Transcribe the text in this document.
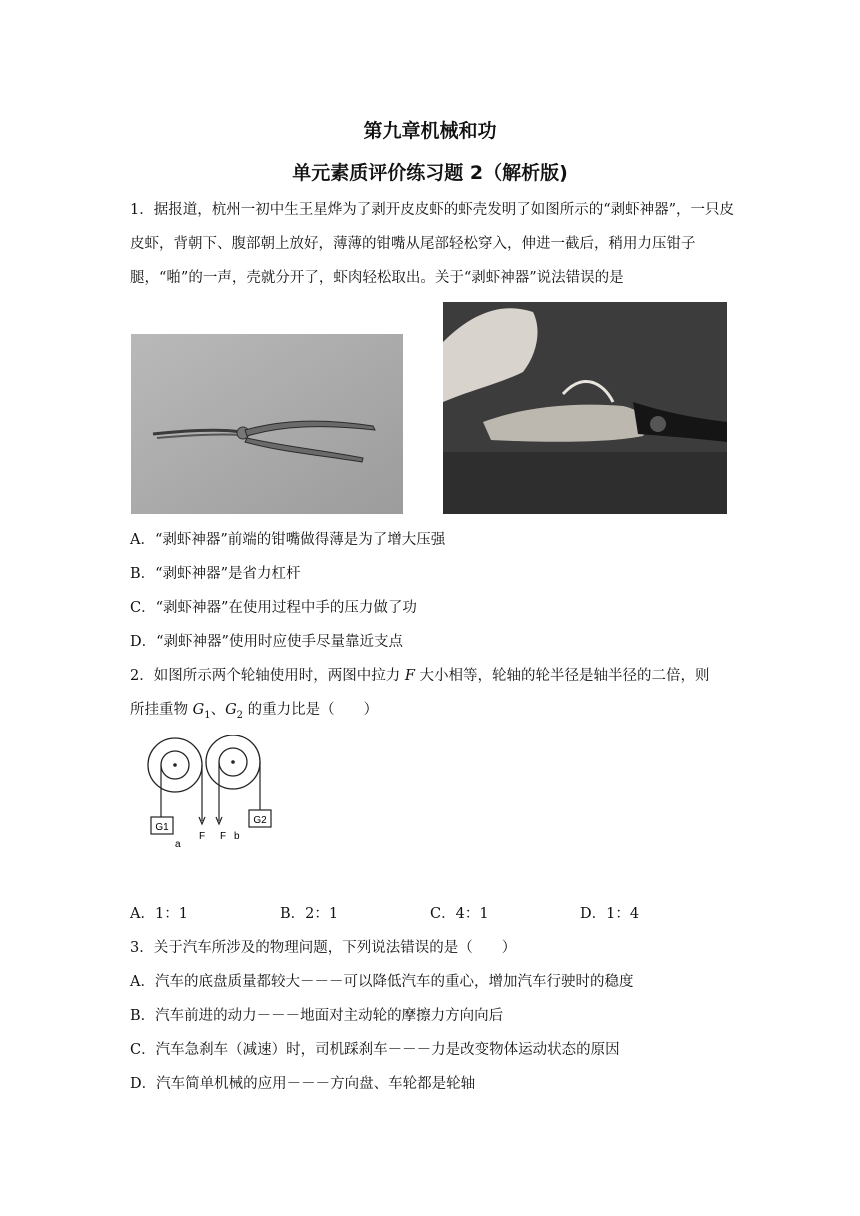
第九章机械和功
单元素质评价练习题 2（解析版)
1．据报道，杭州一初中生王星烨为了剥开皮皮虾的虾壳发明了如图所示的“剥虾神器”，一只皮皮虾，背朝下、腹部朝上放好，薄薄的钳嘴从尾部轻松穿入，伸进一截后，稍用力压钳子腿，“啪”的一声，壳就分开了，虾肉轻松取出。关于“剥虾神器”说法错误的是
A．“剥虾神器”前端的钳嘴做得薄是为了增大压强
B．“剥虾神器”是省力杠杆
C．“剥虾神器”在使用过程中手的压力做了功
D．“剥虾神器”使用时应使手尽量靠近支点
2．如图所示两个轮轴使用时，两图中拉力 F 大小相等，轮轴的轮半径是轴半径的二倍，则
所挂重物 $G_1$、$G_2$ 的重力比是（　　）
G1
F
a
F b
G2
A．1：1	B．2：1	C．4：1	D．1：4
3．关于汽车所涉及的物理问题，下列说法错误的是（　　）
A．汽车的底盘质量都较大－－－可以降低汽车的重心，增加汽车行驶时的稳度
B．汽车前进的动力－－－地面对主动轮的摩擦力方向向后
C．汽车急刹车（减速）时，司机踩刹车－－－力是改变物体运动状态的原因
D．汽车简单机械的应用－－－方向盘、车轮都是轮轴
